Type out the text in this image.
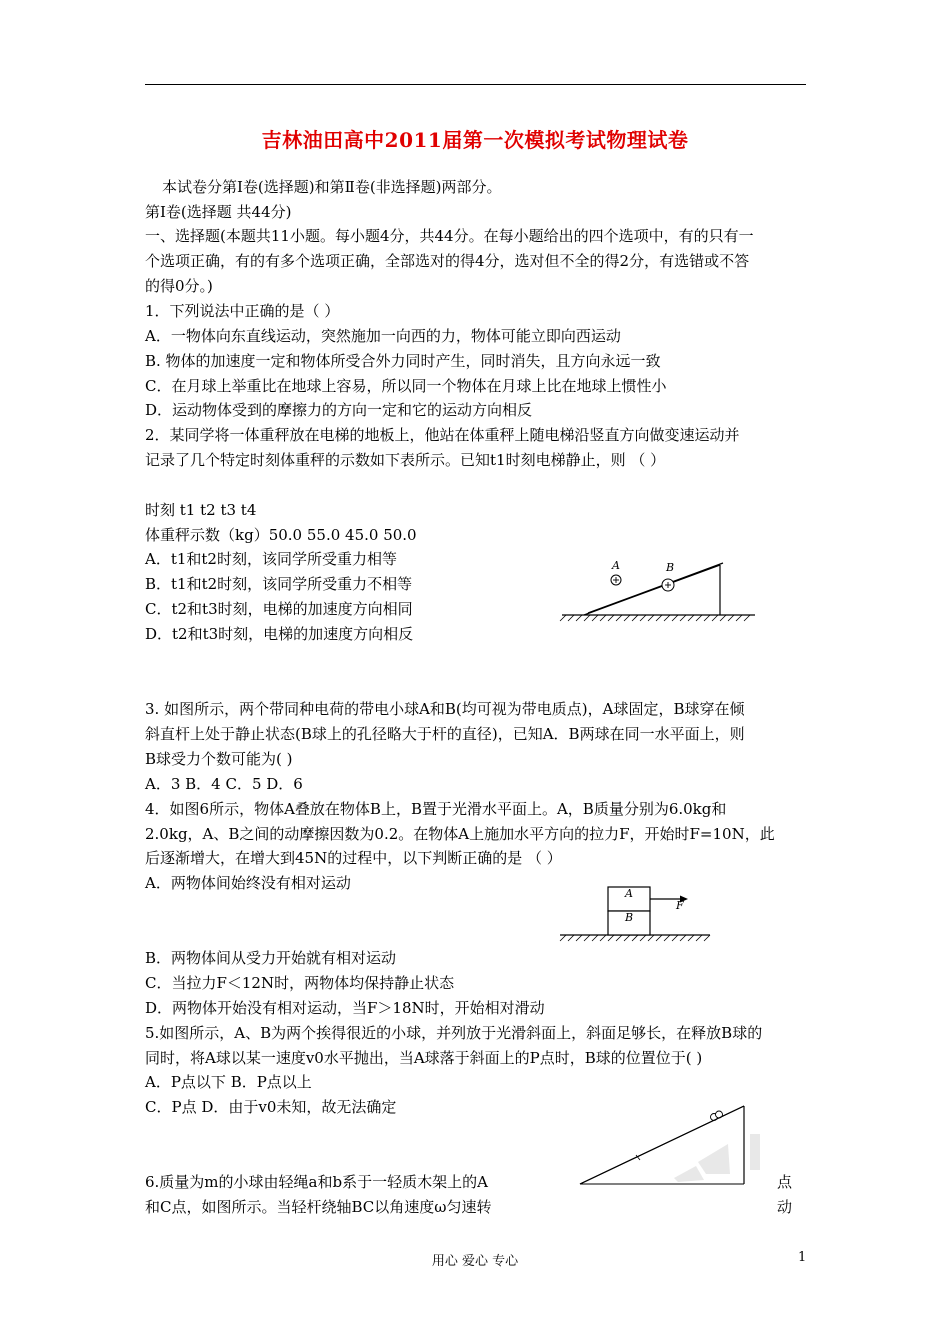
吉林油田高中2011届第一次模拟考试物理试卷
本试卷分第Ⅰ卷(选择题)和第Ⅱ卷(非选择题)两部分。
第Ⅰ卷(选择题 共44分)
一、选择题(本题共11小题。每小题4分，共44分。在每小题给出的四个选项中，有的只有一
个选项正确，有的有多个选项正确，全部选对的得4分，选对但不全的得2分，有选错或不答
的得0分。)
1．下列说法中正确的是（ ）
A．一物体向东直线运动，突然施加一向西的力，物体可能立即向西运动
B. 物体的加速度一定和物体所受合外力同时产生，同时消失，且方向永远一致
C．在月球上举重比在地球上容易，所以同一个物体在月球上比在地球上惯性小
D．运动物体受到的摩擦力的方向一定和它的运动方向相反
2．某同学将一体重秤放在电梯的地板上，他站在体重秤上随电梯沿竖直方向做变速运动并
记录了几个特定时刻体重秤的示数如下表所示。已知t1时刻电梯静止，则 （ ）
时刻 t1 t2 t3 t4
体重秤示数（kg）50.0 55.0 45.0 50.0
A．t1和t2时刻，该同学所受重力相等
B．t1和t2时刻，该同学所受重力不相等
C．t2和t3时刻，电梯的加速度方向相同
D．t2和t3时刻，电梯的加速度方向相反
A	B
3. 如图所示，两个带同种电荷的带电小球A和B(均可视为带电质点)，A球固定，B球穿在倾
斜直杆上处于静止状态(B球上的孔径略大于杆的直径)，已知A．B两球在同一水平面上，则
B球受力个数可能为( )
A．3 B．4 C．5 D．6
4．如图6所示，物体A叠放在物体B上，B置于光滑水平面上。A，B质量分别为6.0kg和
2.0kg，A、B之间的动摩擦因数为0.2。在物体A上施加水平方向的拉力F，开始时F=10N，此
后逐渐增大，在增大到45N的过程中，以下判断正确的是 （ ）
A．两物体间始终没有相对运动
A
B
F
B．两物体间从受力开始就有相对运动
C．当拉力F＜12N时，两物体均保持静止状态
D．两物体开始没有相对运动，当F＞18N时，开始相对滑动
5.如图所示，A、B为两个挨得很近的小球，并列放于光滑斜面上，斜面足够长，在释放B球的
同时，将A球以某一速度v0水平抛出，当A球落于斜面上的P点时，B球的位置位于( )
A．P点以下 B．P点以上
C．P点 D．由于v0未知，故无法确定
6.质量为m的小球由轻绳a和b系于一轻质木架上的A	点
和C点，如图所示。当轻杆绕轴BC以角速度ω匀速转	动
用心 爱心 专心	1
